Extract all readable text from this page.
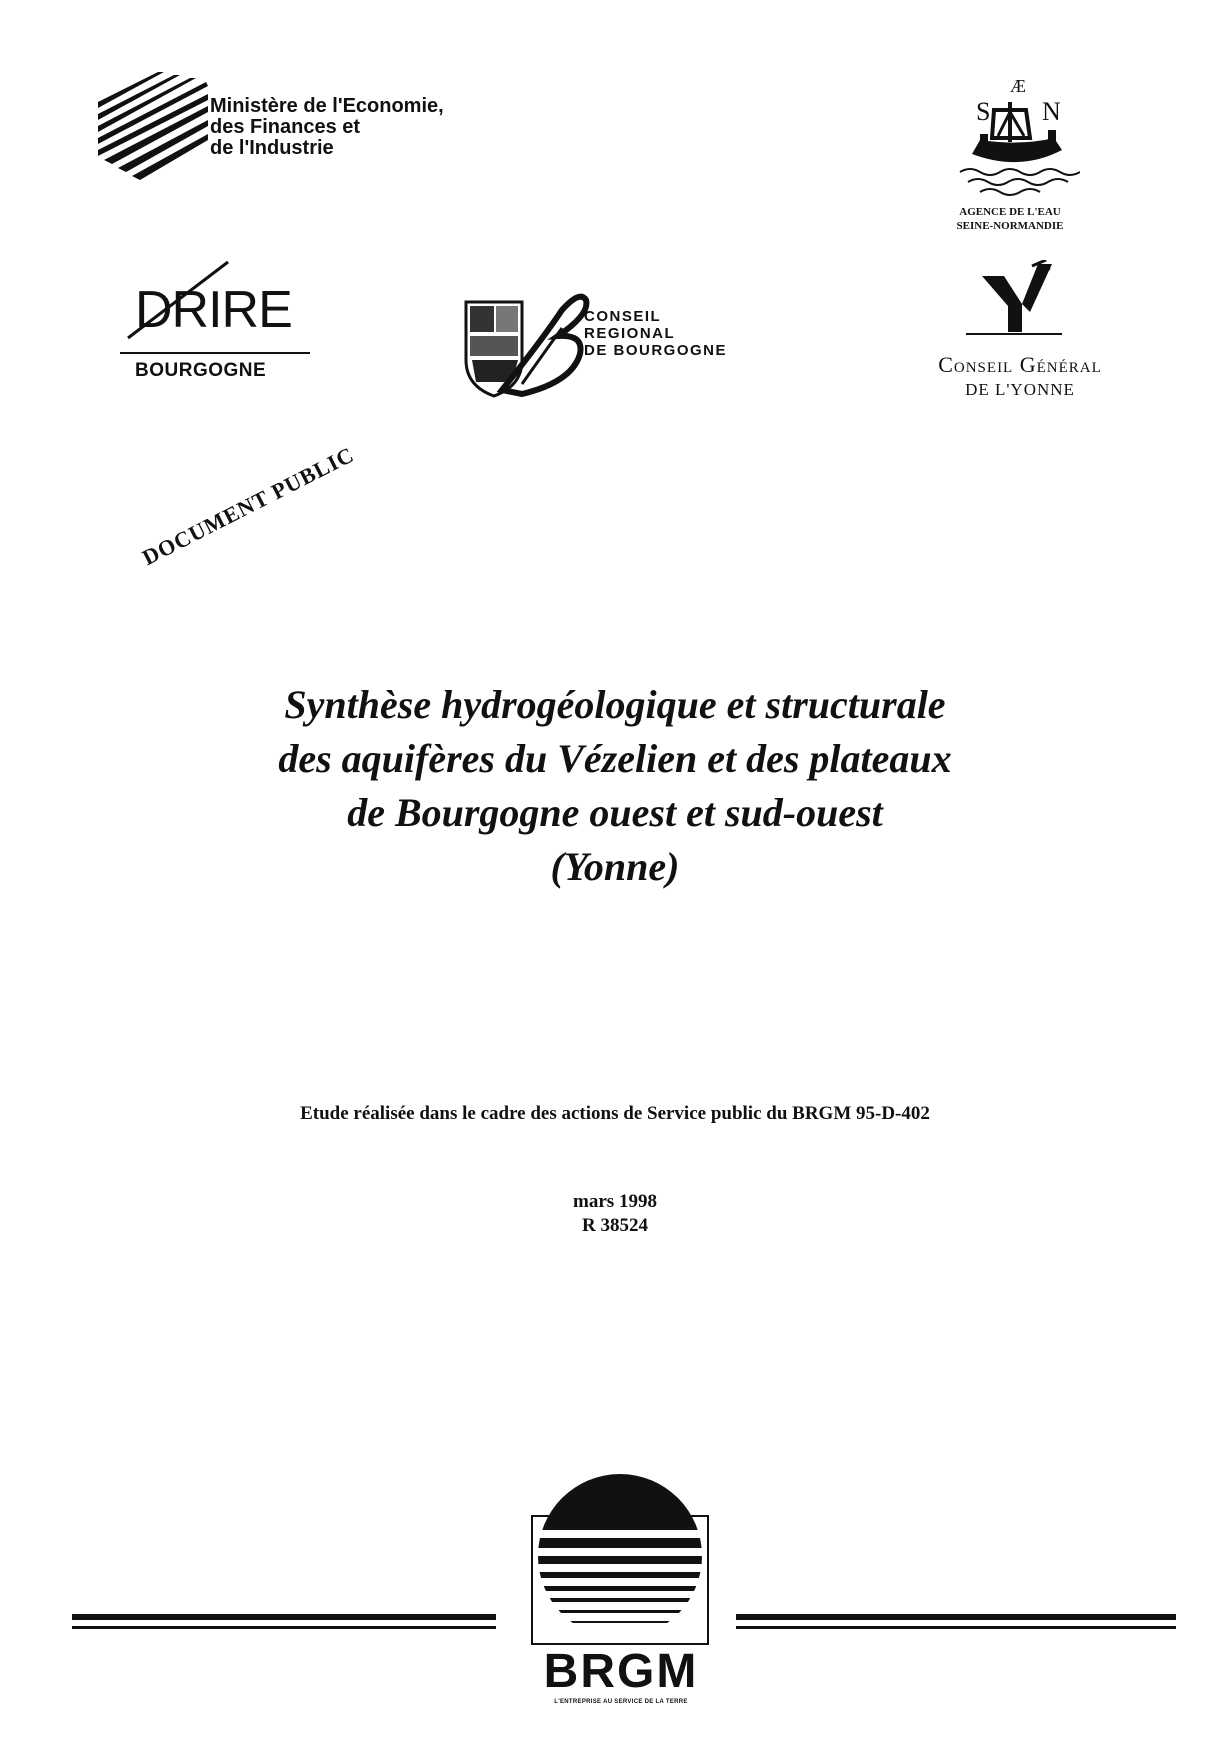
Ministère de l'Economie,
des Finances et
de l'Industrie
Æ
S N
AGENCE DE L'EAU
SEINE-NORMANDIE
DRIRE
BOURGOGNE
CONSEIL
REGIONAL
DE BOURGOGNE
Conseil Général
DE L'YONNE
DOCUMENT PUBLIC
Synthèse hydrogéologique et structurale
des aquifères du Vézelien et des plateaux
de Bourgogne ouest et sud-ouest
(Yonne)
Etude réalisée dans le cadre des actions de Service public du BRGM 95-D-402
mars 1998
R 38524
BRGM
L'ENTREPRISE AU SERVICE DE LA TERRE
